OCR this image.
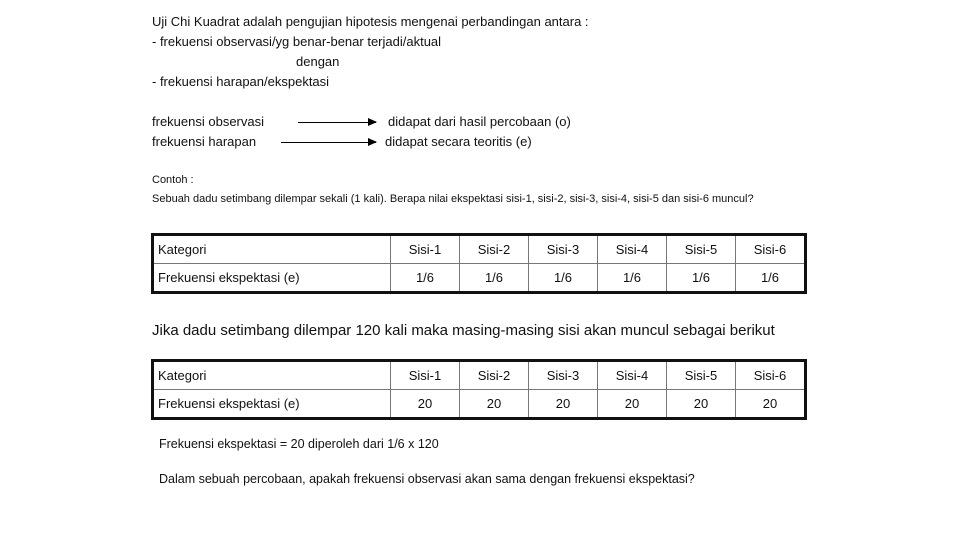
Uji Chi Kuadrat adalah pengujian hipotesis mengenai perbandingan antara :
- frekuensi observasi/yg benar-benar terjadi/aktual
dengan
- frekuensi harapan/ekspektasi
frekuensi observasi	didapat dari hasil percobaan (o)
frekuensi harapan	didapat secara teoritis (e)
Contoh :
Sebuah dadu setimbang dilempar sekali (1 kali). Berapa nilai ekspektasi sisi-1, sisi-2, sisi-3, sisi-4, sisi-5 dan sisi-6 muncul?
Kategori	Sisi-1	Sisi-2	Sisi-3	Sisi-4	Sisi-5	Sisi-6
Frekuensi ekspektasi (e)	1/6	1/6	1/6	1/6	1/6	1/6
Jika dadu setimbang dilempar 120 kali maka masing-masing sisi akan muncul sebagai berikut
Kategori	Sisi-1	Sisi-2	Sisi-3	Sisi-4	Sisi-5	Sisi-6
Frekuensi ekspektasi (e)	20	20	20	20	20	20
Frekuensi ekspektasi = 20 diperoleh dari 1/6 x 120
Dalam sebuah percobaan, apakah frekuensi observasi akan sama dengan frekuensi ekspektasi?
